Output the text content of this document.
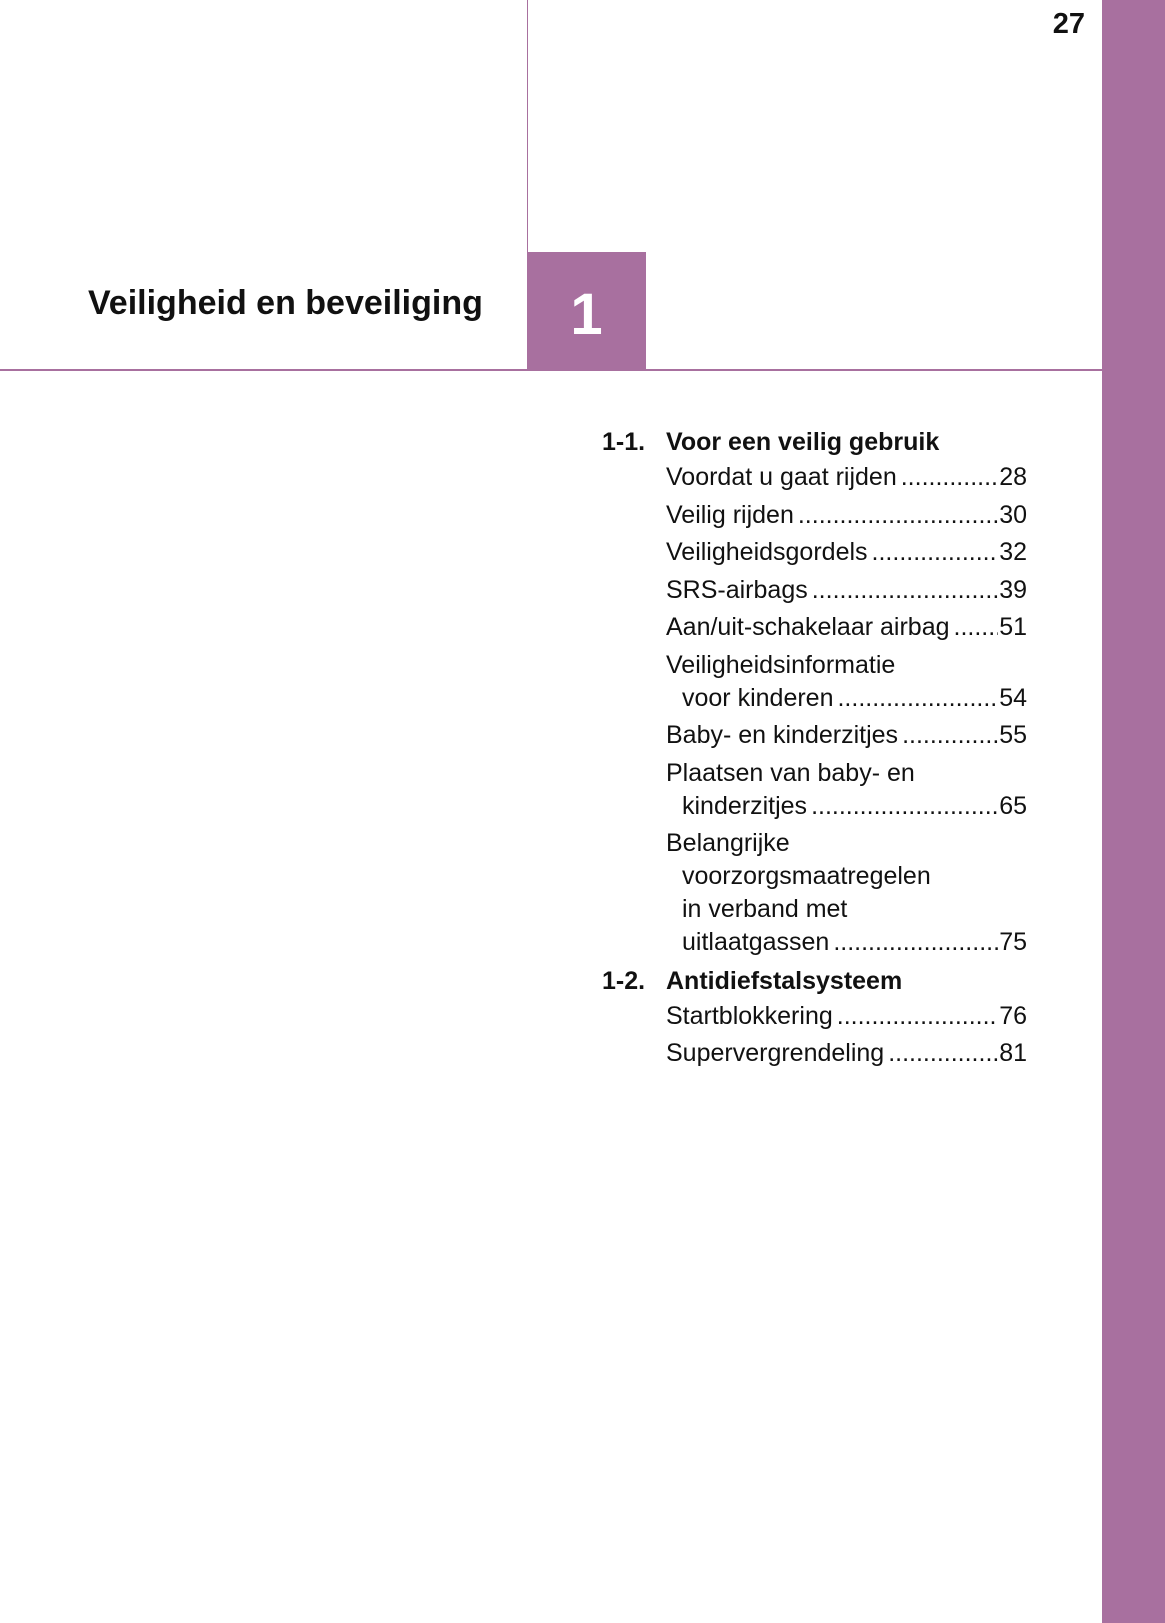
27
1
Veiligheid en beveiliging
1-1. Voor een veilig gebruik
Voordat u gaat rijden .....	28
Veilig rijden .....	30
Veiligheidsgordels .....	32
SRS-airbags .....	39
Aan/uit-schakelaar airbag ..... 51
Veiligheidsinformatie
voor kinderen .....	54
Baby- en kinderzitjes .....	55
Plaatsen van baby- en
kinderzitjes .....	65
Belangrijke
voorzorgsmaatregelen
in verband met
uitlaatgassen .....	75
1-2. Antidiefstalsysteem
Startblokkering .....	76
Supervergrendeling .....	81
